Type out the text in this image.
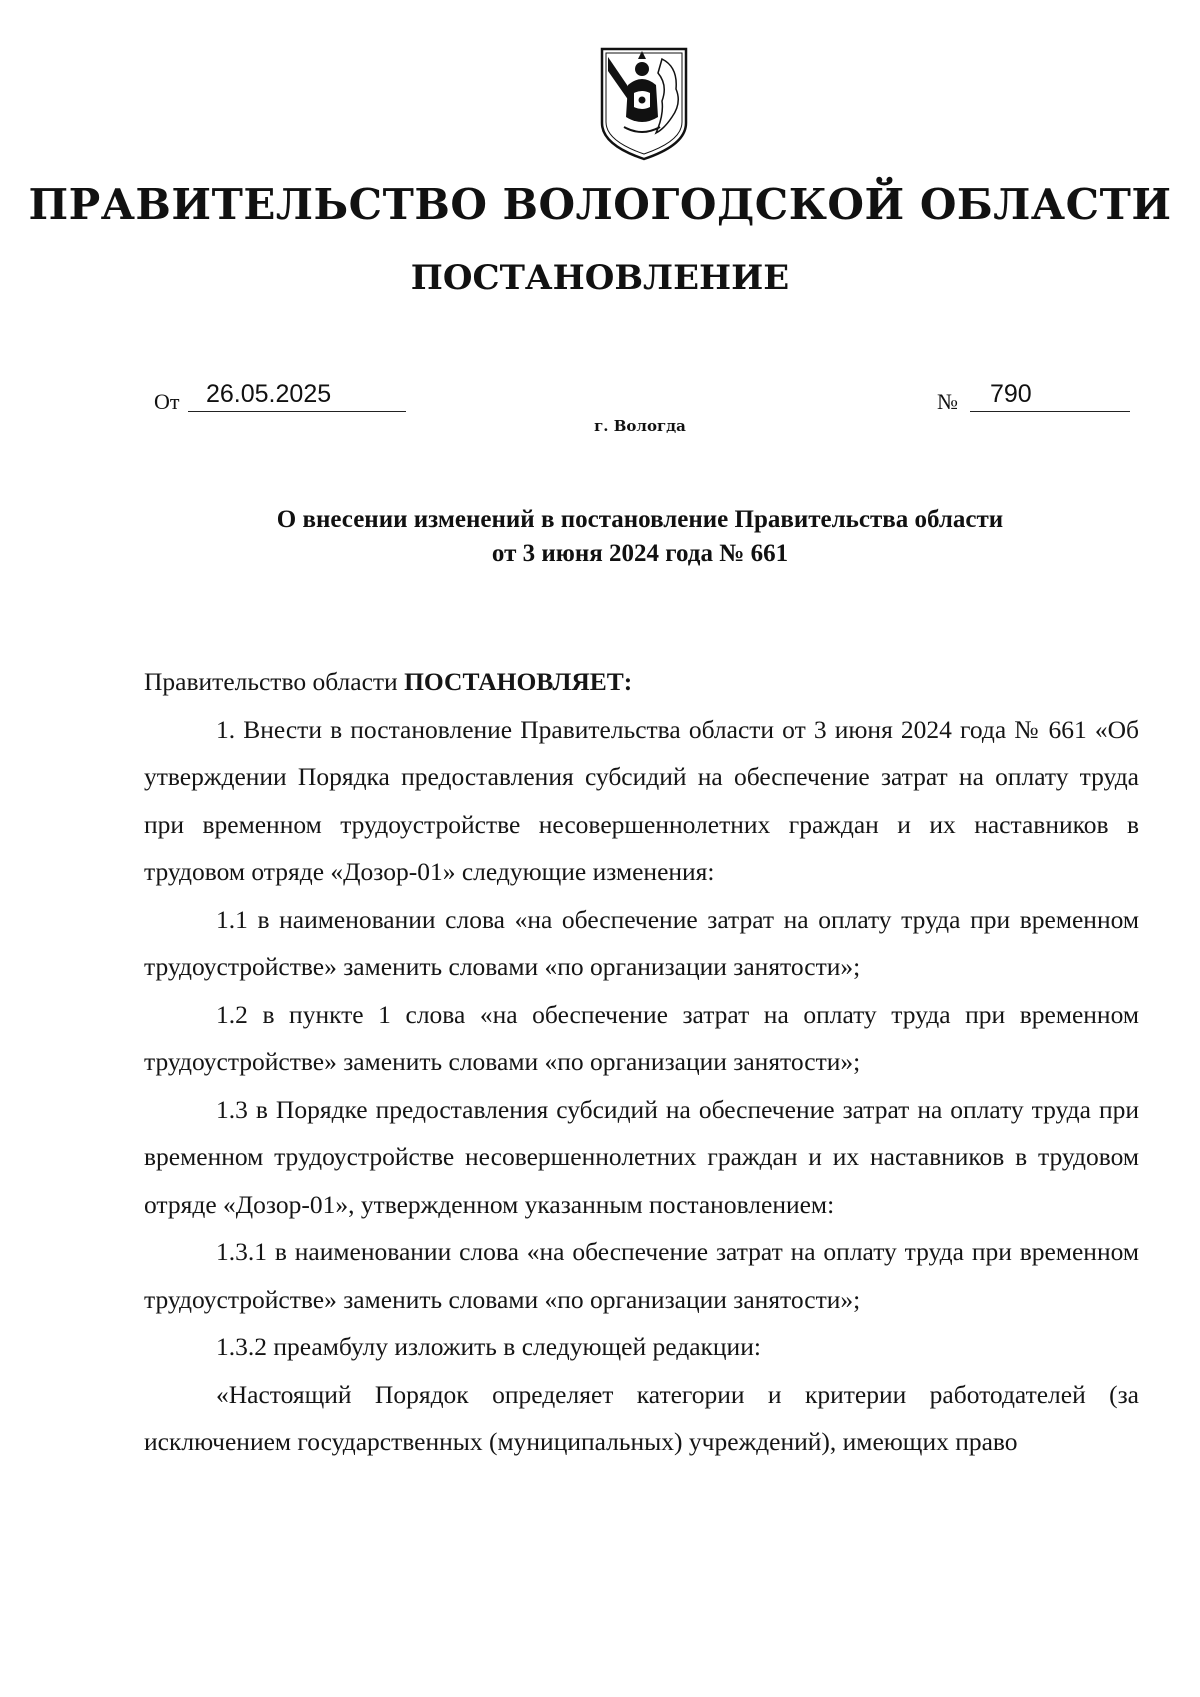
ПРАВИТЕЛЬСТВО ВОЛОГОДСКОЙ ОБЛАСТИ
ПОСТАНОВЛЕНИЕ
От 26.05.2025	№ 790
г. Вологда
О внесении изменений в постановление Правительства области
от 3 июня 2024 года № 661

Правительство области ПОСТАНОВЛЯЕТ:

1. Внести в постановление Правительства области от 3 июня 2024 года № 661 «Об утверждении Порядка предоставления субсидий на обеспечение затрат на оплату труда при временном трудоустройстве несовершеннолетних граждан и их наставников в трудовом отряде «Дозор-01» следующие изменения:

1.1 в наименовании слова «на обеспечение затрат на оплату труда при временном трудоустройстве» заменить словами «по организации занятости»;

1.2 в пункте 1 слова «на обеспечение затрат на оплату труда при временном трудоустройстве» заменить словами «по организации занятости»;

1.3 в Порядке предоставления субсидий на обеспечение затрат на оплату труда при временном трудоустройстве несовершеннолетних граждан и их наставников в трудовом отряде «Дозор-01», утвержденном указанным постановлением:

1.3.1 в наименовании слова «на обеспечение затрат на оплату труда при временном трудоустройстве» заменить словами «по организации занятости»;

1.3.2 преамбулу изложить в следующей редакции:

«Настоящий Порядок определяет категории и критерии работодателей (за исключением государственных (муниципальных) учреждений), имеющих право
